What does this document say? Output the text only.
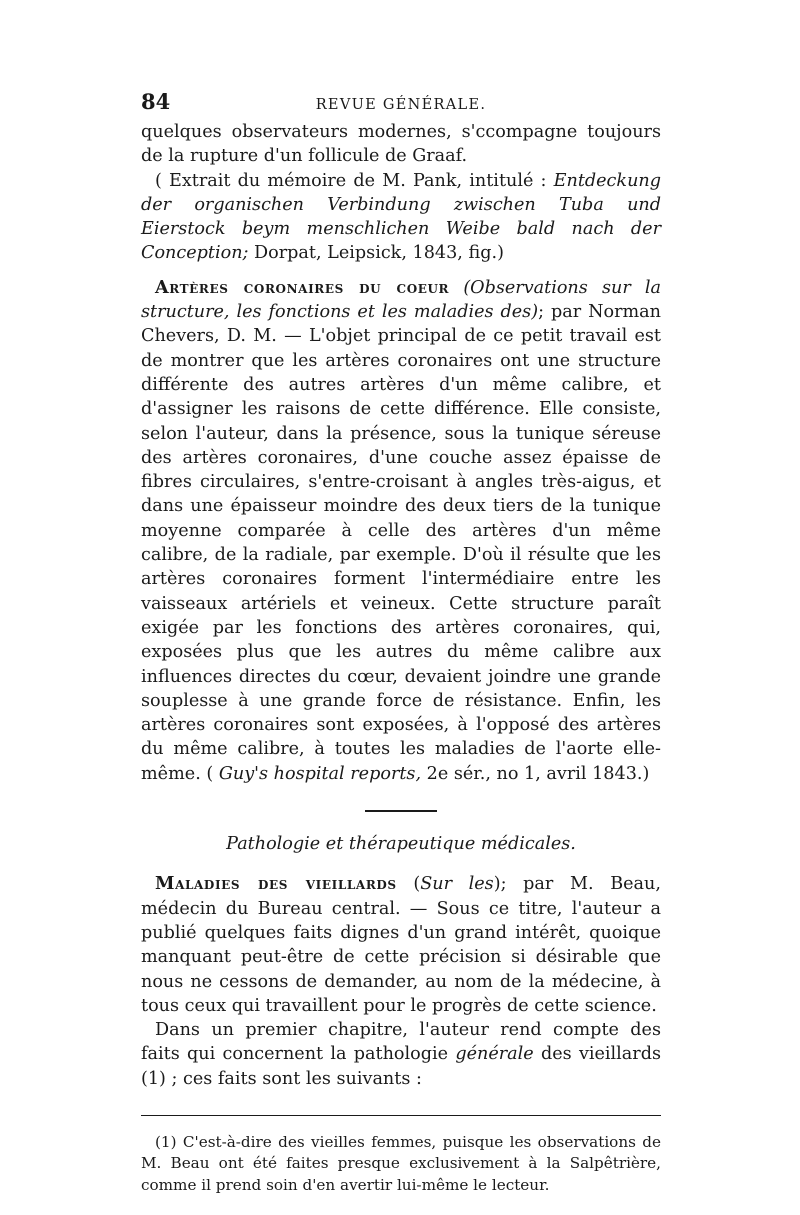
84	REVUE GÉNÉRALE.

quelques observateurs modernes, s'ccompagne toujours de la rupture d'un follicule de Graaf.

( Extrait du mémoire de M. Pank, intitulé : Entdeckung der organischen Verbindung zwischen Tuba und Eierstock beym menschlichen Weibe bald nach der Conception; Dorpat, Leipsick, 1843, fig.)

Artères coronaires du coeur (Observations sur la structure, les fonctions et les maladies des); par Norman Chevers, D. M. — L'objet principal de ce petit travail est de montrer que les artères coronaires ont une structure différente des autres artères d'un même calibre, et d'assigner les raisons de cette différence. Elle consiste, selon l'auteur, dans la présence, sous la tunique séreuse des artères coronaires, d'une couche assez épaisse de fibres circulaires, s'entre-croisant à angles très-aigus, et dans une épaisseur moindre des deux tiers de la tunique moyenne comparée à celle des artères d'un même calibre, de la radiale, par exemple. D'où il résulte que les artères coronaires forment l'intermédiaire entre les vaisseaux artériels et veineux. Cette structure paraît exigée par les fonctions des artères coronaires, qui, exposées plus que les autres du même calibre aux influences directes du cœur, devaient joindre une grande souplesse à une grande force de résistance. Enfin, les artères coronaires sont exposées, à l'opposé des artères du même calibre, à toutes les maladies de l'aorte elle-même. ( Guy's hospital reports, 2e sér., no 1, avril 1843.)

Pathologie et thérapeutique médicales.

Maladies des vieillards (Sur les); par M. Beau, médecin du Bureau central. — Sous ce titre, l'auteur a publié quelques faits dignes d'un grand intérêt, quoique manquant peut-être de cette précision si désirable que nous ne cessons de demander, au nom de la médecine, à tous ceux qui travaillent pour le progrès de cette science.

Dans un premier chapitre, l'auteur rend compte des faits qui concernent la pathologie générale des vieillards (1) ; ces faits sont les suivants :

(1) C'est-à-dire des vieilles femmes, puisque les observations de M. Beau ont été faites presque exclusivement à la Salpêtrière, comme il prend soin d'en avertir lui-même le lecteur.
